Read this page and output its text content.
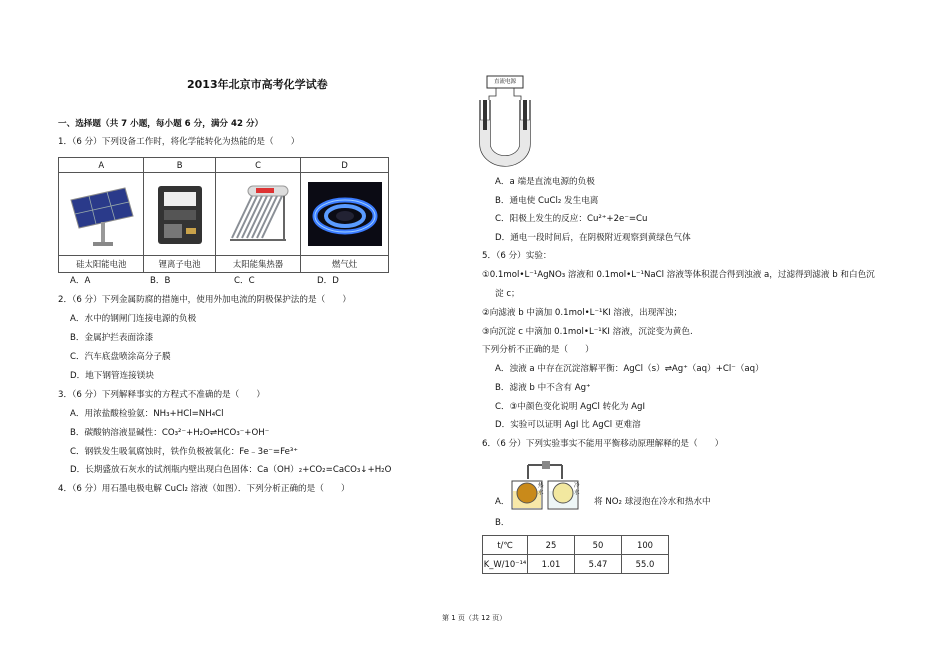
2013年北京市高考化学试卷
一、选择题（共 7 小题，每小题 6 分，满分 42 分）
1．（6 分）下列设备工作时，将化学能转化为热能的是（　　）
A	B	C	D

硅太阳能电池	锂离子电池	太阳能集热器	燃气灶
A．A	B．B	C．C	D．D
2．（6 分）下列金属防腐的措施中，使用外加电流的阴极保护法的是（　　）
A．水中的钢闸门连接电源的负极
B．金属护拦表面涂漆
C．汽车底盘喷涂高分子膜
D．地下钢管连接镁块
3．（6 分）下列解释事实的方程式不准确的是（　　）
A．用浓盐酸检验氨：NH₃+HCl=NH₄Cl
B．碳酸钠溶液显碱性：CO₃²⁻+H₂O⇌HCO₃⁻+OH⁻
C．钢铁发生吸氧腐蚀时，铁作负极被氧化：Fe﹣3e⁻=Fe³⁺
D．长期盛放石灰水的试剂瓶内壁出现白色固体：Ca（OH）₂+CO₂=CaCO₃↓+H₂O
4．（6 分）用石墨电极电解 CuCl₂ 溶液（如图）．下列分析正确的是（　　）
直流电源
A．a 端是直流电源的负极
B．通电使 CuCl₂ 发生电离
C．阳极上发生的反应：Cu²⁺+2e⁻=Cu
D．通电一段时间后，在阴极附近观察到黄绿色气体
5．（6 分）实验：
①0.1mol•L⁻¹AgNO₃ 溶液和 0.1mol•L⁻¹NaCl 溶液等体积混合得到浊液 a，过滤得到滤液 b 和白色沉
淀 c；
②向滤液 b 中滴加 0.1mol•L⁻¹KI 溶液，出现浑浊；
③向沉淀 c 中滴加 0.1mol•L⁻¹KI 溶液，沉淀变为黄色.
下列分析不正确的是（　　）
A．浊液 a 中存在沉淀溶解平衡：AgCl（s）⇌Ag⁺（aq）+Cl⁻（aq）
B．滤液 b 中不含有 Ag⁺
C．③中颜色变化说明 AgCl 转化为 AgI
D．实验可以证明 AgI 比 AgCl 更难溶
6．（6 分）下列实验事实不能用平衡移动原理解释的是（　　）
A．
热水
冷水
将 NO₂ 球浸泡在冷水和热水中
B．
t/℃	25	50	100
K_W/10⁻¹⁴	1.01	5.47	55.0
第 1 页（共 12 页）
